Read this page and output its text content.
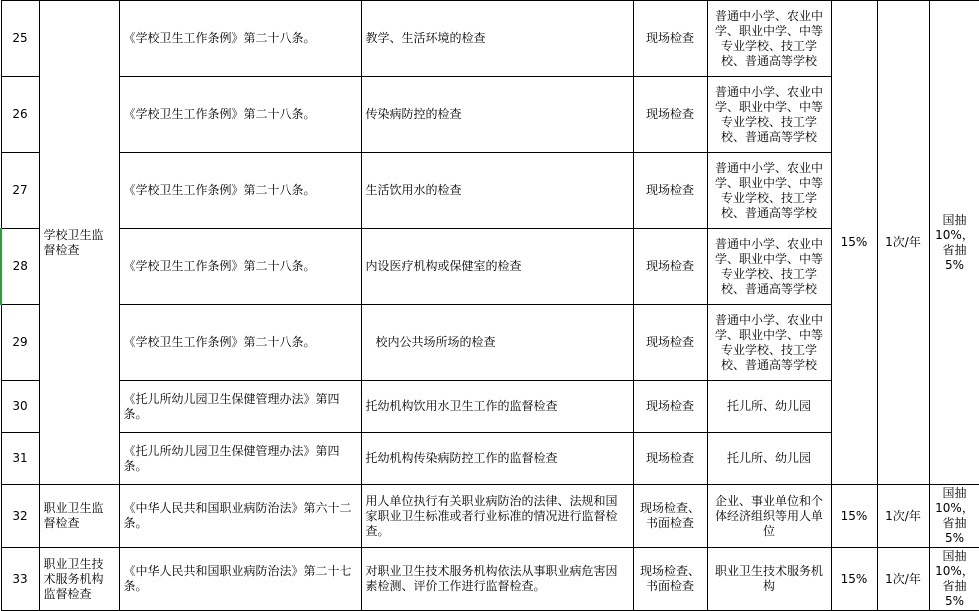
25	学校卫生监督检查	《学校卫生工作条例》第二十八条。	教学、生活环境的检查	现场检查	普通中小学、农业中学、职业中学、中等专业学校、技工学校、普通高等学校	15%	1次/年	国抽10%，省抽5%
26		《学校卫生工作条例》第二十八条。	传染病防控的检查	现场检查	普通中小学、农业中学、职业中学、中等专业学校、技工学校、普通高等学校			
27		《学校卫生工作条例》第二十八条。	生活饮用水的检查	现场检查	普通中小学、农业中学、职业中学、中等专业学校、技工学校、普通高等学校			
28		《学校卫生工作条例》第二十八条。	内设医疗机构或保健室的检查	现场检查	普通中小学、农业中学、职业中学、中等专业学校、技工学校、普通高等学校			
29		《学校卫生工作条例》第二十八条。	校内公共场所场的检查	现场检查	普通中小学、农业中学、职业中学、中等专业学校、技工学校、普通高等学校			
30		《托儿所幼儿园卫生保健管理办法》第四条。	托幼机构饮用水卫生工作的监督检查	现场检查	托儿所、幼儿园			
31		《托儿所幼儿园卫生保健管理办法》第四条。	托幼机构传染病防控工作的监督检查	现场检查	托儿所、幼儿园			
32	职业卫生监督检查	《中华人民共和国职业病防治法》第六十二条。	用人单位执行有关职业病防治的法律、法规和国家职业卫生标准或者行业标准的情况进行监督检查。	现场检查、书面检查	企业、事业单位和个体经济组织等用人单位	15%	1次/年	国抽10%，省抽5%
33	职业卫生技术服务机构监督检查	《中华人民共和国职业病防治法》第二十七条。	对职业卫生技术服务机构依法从事职业病危害因素检测、评价工作进行监督检查。	现场检查、书面检查	职业卫生技术服务机构	15%	1次/年	国抽10%，省抽5%
